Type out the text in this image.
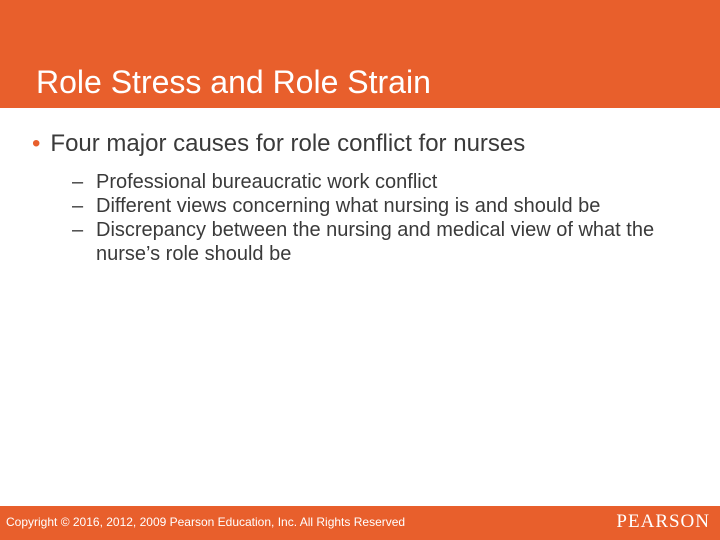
Role Stress and Role Strain
• Four major causes for role conflict for nurses
– Professional bureaucratic work conflict
– Different views concerning what nursing is and should be
– Discrepancy between the nursing and medical view of what the nurse’s role should be
Copyright © 2016, 2012, 2009 Pearson Education, Inc. All Rights Reserved	PEARSON
